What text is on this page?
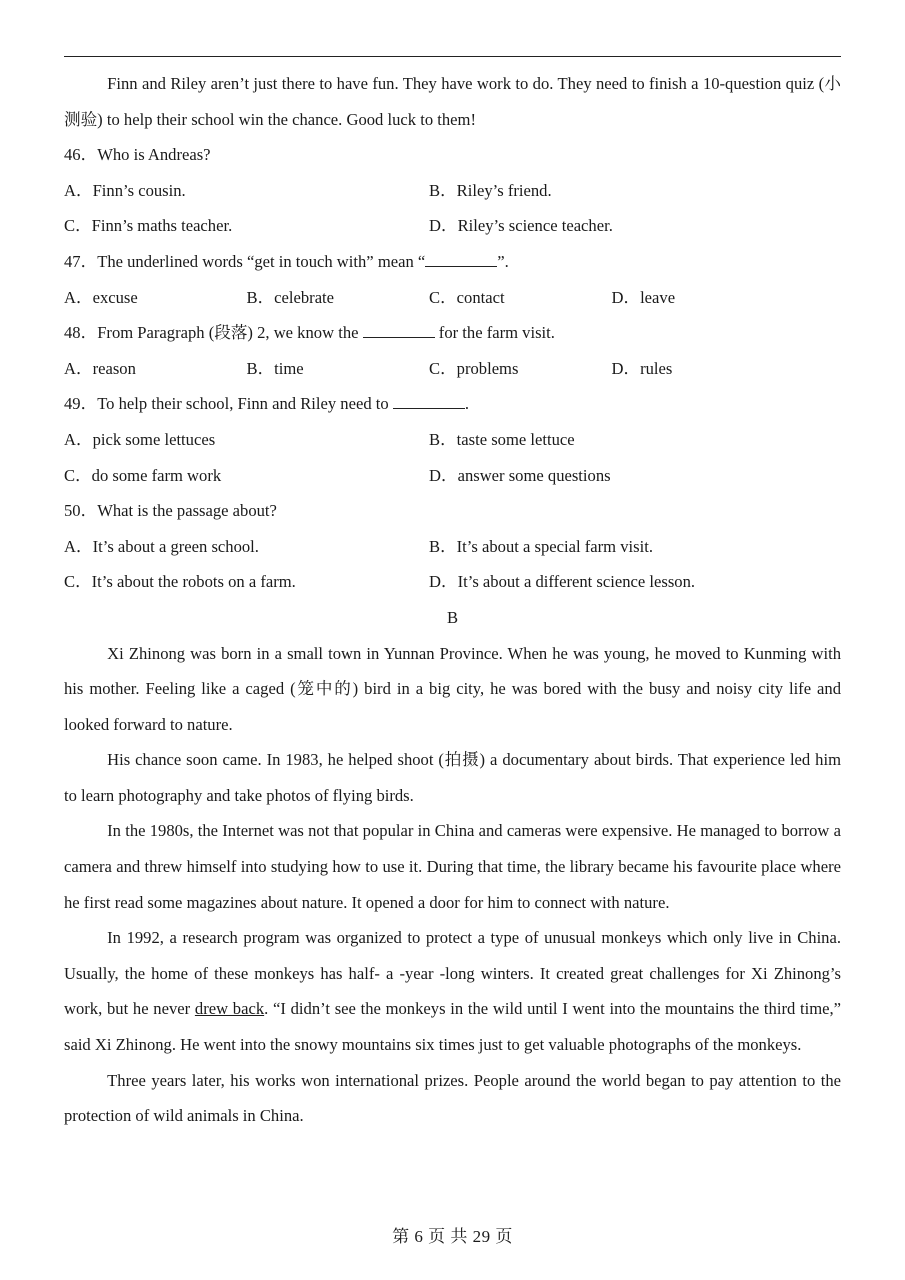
Finn and Riley aren’t just there to have fun. They have work to do. They need to finish a 10-question quiz (小测验) to help their school win the chance. Good luck to them!

46．Who is Andreas?
A．Finn’s cousin.	B．Riley’s friend.
C．Finn’s maths teacher.	D．Riley’s science teacher.
47．The underlined words “get in touch with” mean “	”.
A．excuse	B．celebrate	C．contact	D．leave
48．From Paragraph (段落) 2, we know the	for the farm visit.
A．reason	B．time	C．problems	D．rules
49．To help their school, Finn and Riley need to	.
A．pick some lettuces	B．taste some lettuce
C．do some farm work	D．answer some questions
50．What is the passage about?
A．It’s about a green school.	B．It’s about a special farm visit.
C．It’s about the robots on a farm.	D．It’s about a different science lesson.
B

Xi Zhinong was born in a small town in Yunnan Province. When he was young, he moved to Kunming with his mother. Feeling like a caged (笼中的) bird in a big city, he was bored with the busy and noisy city life and looked forward to nature.

His chance soon came. In 1983, he helped shoot (拍摄) a documentary about birds. That experience led him to learn photography and take photos of flying birds.

In the 1980s, the Internet was not that popular in China and cameras were expensive. He managed to borrow a camera and threw himself into studying how to use it. During that time, the library became his favourite place where he first read some magazines about nature. It opened a door for him to connect with nature.

In 1992, a research program was organized to protect a type of unusual monkeys which only live in China. Usually, the home of these monkeys has half- a -year -long winters. It created great challenges for Xi Zhinong’s work, but he never drew back. “I didn’t see the monkeys in the wild until I went into the mountains the third time,” said Xi Zhinong. He went into the snowy mountains six times just to get valuable photographs of the monkeys.

Three years later, his works won international prizes. People around the world began to pay attention to the protection of wild animals in China.

第 6 页 共 29 页
